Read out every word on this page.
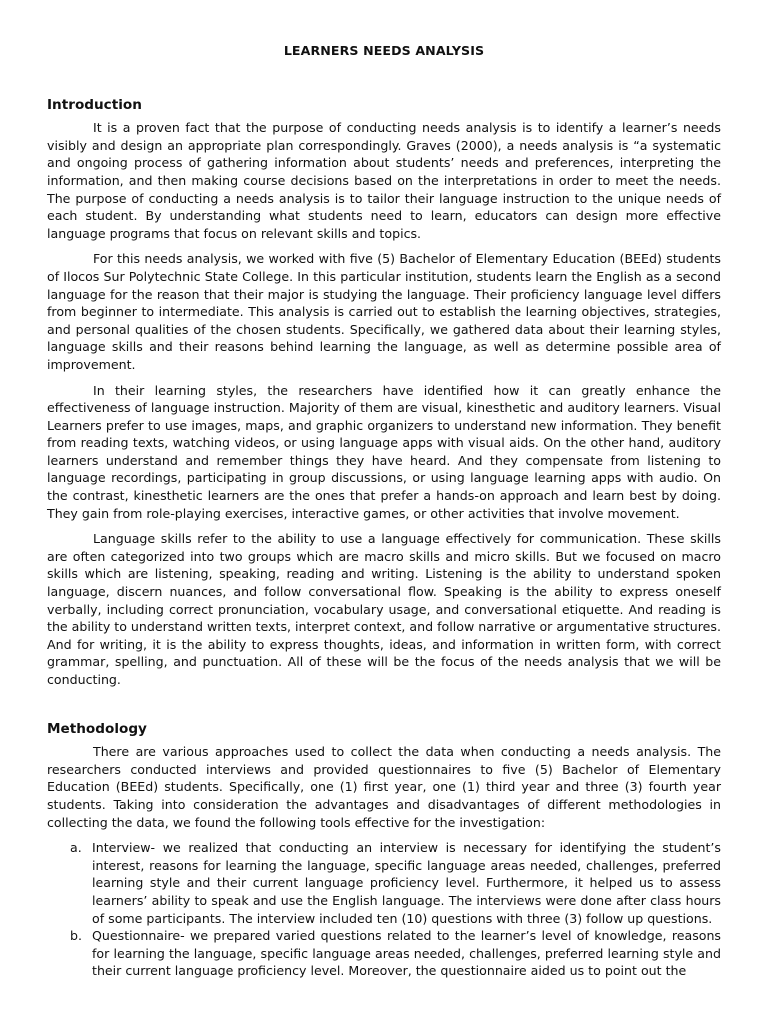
LEARNERS NEEDS ANALYSIS
Introduction

It is a proven fact that the purpose of conducting needs analysis is to identify a learner’s needs visibly and design an appropriate plan correspondingly. Graves (2000), a needs analysis is “a systematic and ongoing process of gathering information about students’ needs and preferences, interpreting the information, and then making course decisions based on the interpretations in order to meet the needs. The purpose of conducting a needs analysis is to tailor their language instruction to the unique needs of each student. By understanding what students need to learn, educators can design more effective language programs that focus on relevant skills and topics.

For this needs analysis, we worked with five (5) Bachelor of Elementary Education (BEEd) students of Ilocos Sur Polytechnic State College. In this particular institution, students learn the English as a second language for the reason that their major is studying the language. Their proficiency language level differs from beginner to intermediate. This analysis is carried out to establish the learning objectives, strategies, and personal qualities of the chosen students. Specifically, we gathered data about their learning styles, language skills and their reasons behind learning the language, as well as determine possible area of improvement.

In their learning styles, the researchers have identified how it can greatly enhance the effectiveness of language instruction. Majority of them are visual, kinesthetic and auditory learners. Visual Learners prefer to use images, maps, and graphic organizers to understand new information. They benefit from reading texts, watching videos, or using language apps with visual aids. On the other hand, auditory learners understand and remember things they have heard. And they compensate from listening to language recordings, participating in group discussions, or using language learning apps with audio. On the contrast, kinesthetic learners are the ones that prefer a hands-on approach and learn best by doing. They gain from role-playing exercises, interactive games, or other activities that involve movement.

Language skills refer to the ability to use a language effectively for communication. These skills are often categorized into two groups which are macro skills and micro skills. But we focused on macro skills which are listening, speaking, reading and writing. Listening is the ability to understand spoken language, discern nuances, and follow conversational flow. Speaking is the ability to express oneself verbally, including correct pronunciation, vocabulary usage, and conversational etiquette. And reading is the ability to understand written texts, interpret context, and follow narrative or argumentative structures. And for writing, it is the ability to express thoughts, ideas, and information in written form, with correct grammar, spelling, and punctuation. All of these will be the focus of the needs analysis that we will be conducting.

Methodology

There are various approaches used to collect the data when conducting a needs analysis. The researchers conducted interviews and provided questionnaires to five (5) Bachelor of Elementary Education (BEEd) students. Specifically, one (1) first year, one (1) third year and three (3) fourth year students. Taking into consideration the advantages and disadvantages of different methodologies in collecting the data, we found the following tools effective for the investigation:

a. Interview- we realized that conducting an interview is necessary for identifying the student’s interest, reasons for learning the language, specific language areas needed, challenges, preferred learning style and their current language proficiency level. Furthermore, it helped us to assess learners’ ability to speak and use the English language. The interviews were done after class hours of some participants. The interview included ten (10) questions with three (3) follow up questions.
b. Questionnaire- we prepared varied questions related to the learner’s level of knowledge, reasons for learning the language, specific language areas needed, challenges, preferred learning style and their current language proficiency level. Moreover, the questionnaire aided us to point out the
